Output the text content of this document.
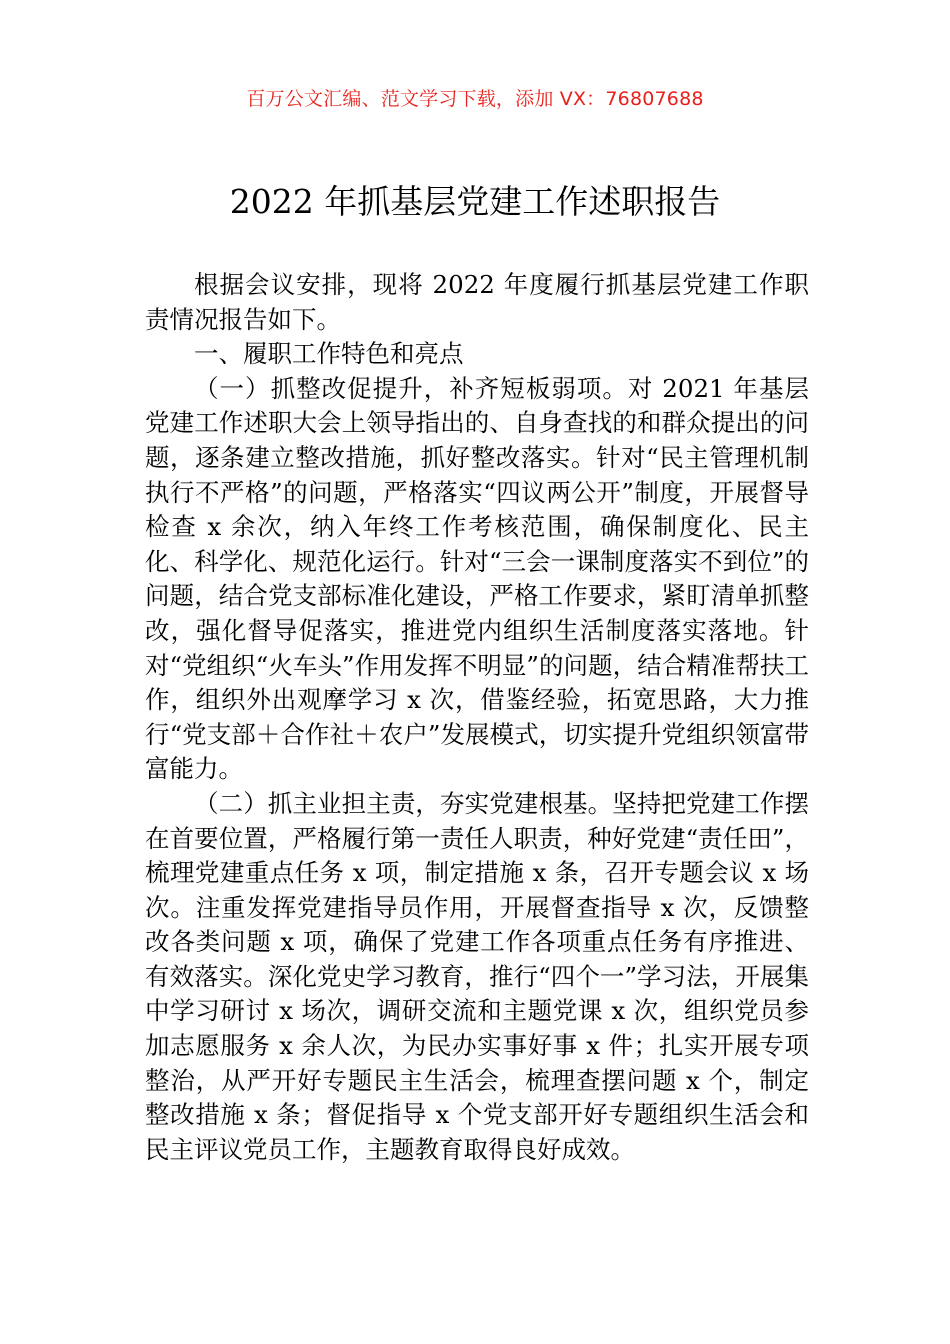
百万公文汇编、范文学习下载，添加 VX：76807688
2022 年抓基层党建工作述职报告

根据会议安排，现将 2022 年度履行抓基层党建工作职责情况报告如下。

一、履职工作特色和亮点

（一）抓整改促提升，补齐短板弱项。对 2021 年基层党建工作述职大会上领导指出的、自身查找的和群众提出的问题，逐条建立整改措施，抓好整改落实。针对“民主管理机制执行不严格”的问题，严格落实“四议两公开”制度，开展督导检查 x 余次，纳入年终工作考核范围，确保制度化、民主化、科学化、规范化运行。针对“三会一课制度落实不到位”的问题，结合党支部标准化建设，严格工作要求，紧盯清单抓整改，强化督导促落实，推进党内组织生活制度落实落地。针对“党组织“火车头”作用发挥不明显”的问题，结合精准帮扶工作，组织外出观摩学习 x 次，借鉴经验，拓宽思路，大力推行“党支部＋合作社＋农户”发展模式，切实提升党组织领富带富能力。

（二）抓主业担主责，夯实党建根基。坚持把党建工作摆在首要位置，严格履行第一责任人职责，种好党建“责任田”，梳理党建重点任务 x 项，制定措施 x 条，召开专题会议 x 场次。注重发挥党建指导员作用，开展督查指导 x 次，反馈整改各类问题 x 项，确保了党建工作各项重点任务有序推进、有效落实。深化党史学习教育，推行“四个一”学习法，开展集中学习研讨 x 场次，调研交流和主题党课 x 次，组织党员参加志愿服务 x 余人次，为民办实事好事 x 件；扎实开展专项整治，从严开好专题民主生活会，梳理查摆问题 x 个，制定整改措施 x 条；督促指导 x 个党支部开好专题组织生活会和民主评议党员工作，主题教育取得良好成效。
